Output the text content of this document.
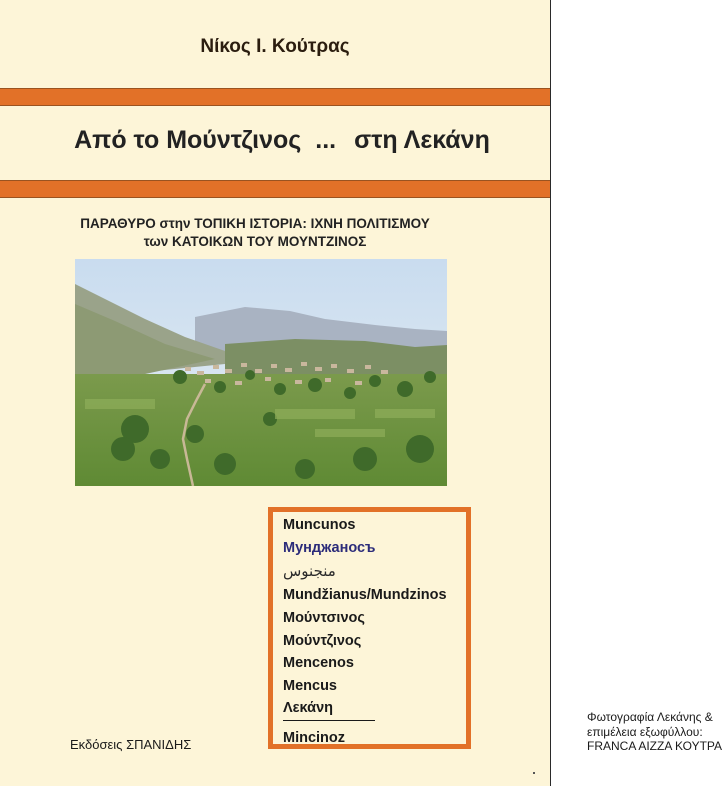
Νίκος Ι. Κούτρας
Από το Μούντζινος ... στη Λεκάνη
ΠΑΡΑΘΥΡΟ στην ΤΟΠΙΚΗ ΙΣΤΟΡΙΑ: ΙΧΝΗ ΠΟΛΙΤΙΣΜΟΥ
των ΚΑΤΟΙΚΩΝ ΤΟΥ ΜΟΥΝΤΖΙΝΟΣ
Muncunos
Мунджаносъ
منجنوس
Mundžianus/Mundzinos
Μούντσινος
Μούντζινος
Mencenos
Mencus
Λεκάνη
Mincinoz
Εκδόσεις ΣΠΑΝΙΔΗΣ
Φωτογραφία Λεκάνης &
επιμέλεια εξωφύλλου:
FRANCA AIZZA ΚΟΥΤΡΑ
